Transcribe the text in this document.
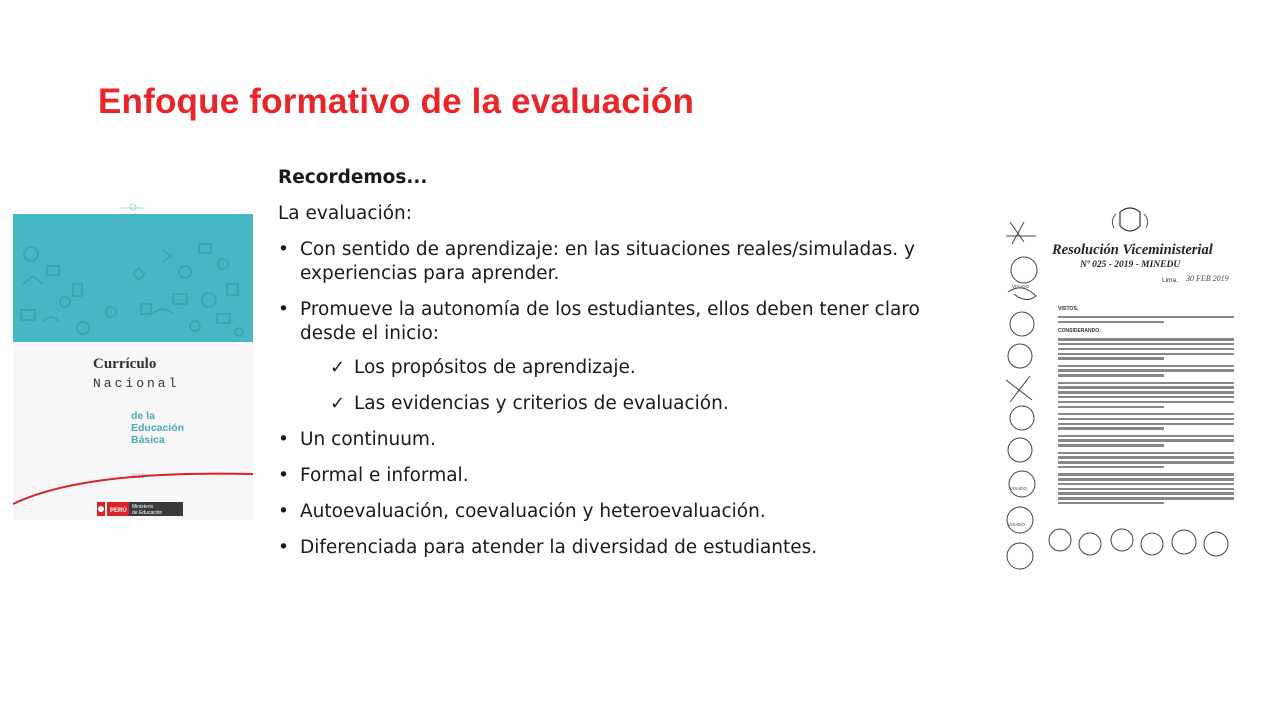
Enfoque formativo de la evaluación

Recordemos...

La evaluación:

• Con sentido de aprendizaje: en las situaciones reales/simuladas. y experiencias para aprender.
• Promueve la autonomía de los estudiantes, ellos deben tener claro desde el inicio:
✓ Los propósitos de aprendizaje.
✓ Las evidencias y criterios de evaluación.
• Un continuum.
• Formal e informal.
• Autoevaluación, coevaluación y heteroevaluación.
• Diferenciada para atender la diversidad de estudiantes.
Currículo
Nacional
de la
Educación
Básica
2016
PERÚ
Ministerio
de Educación
VISADO
VISADO
VISADO
Resolución Viceministerial
Nº 025 - 2019 - MINEDU
Lima, 30 FEB 2019
VISTOS,
CONSIDERANDO:
